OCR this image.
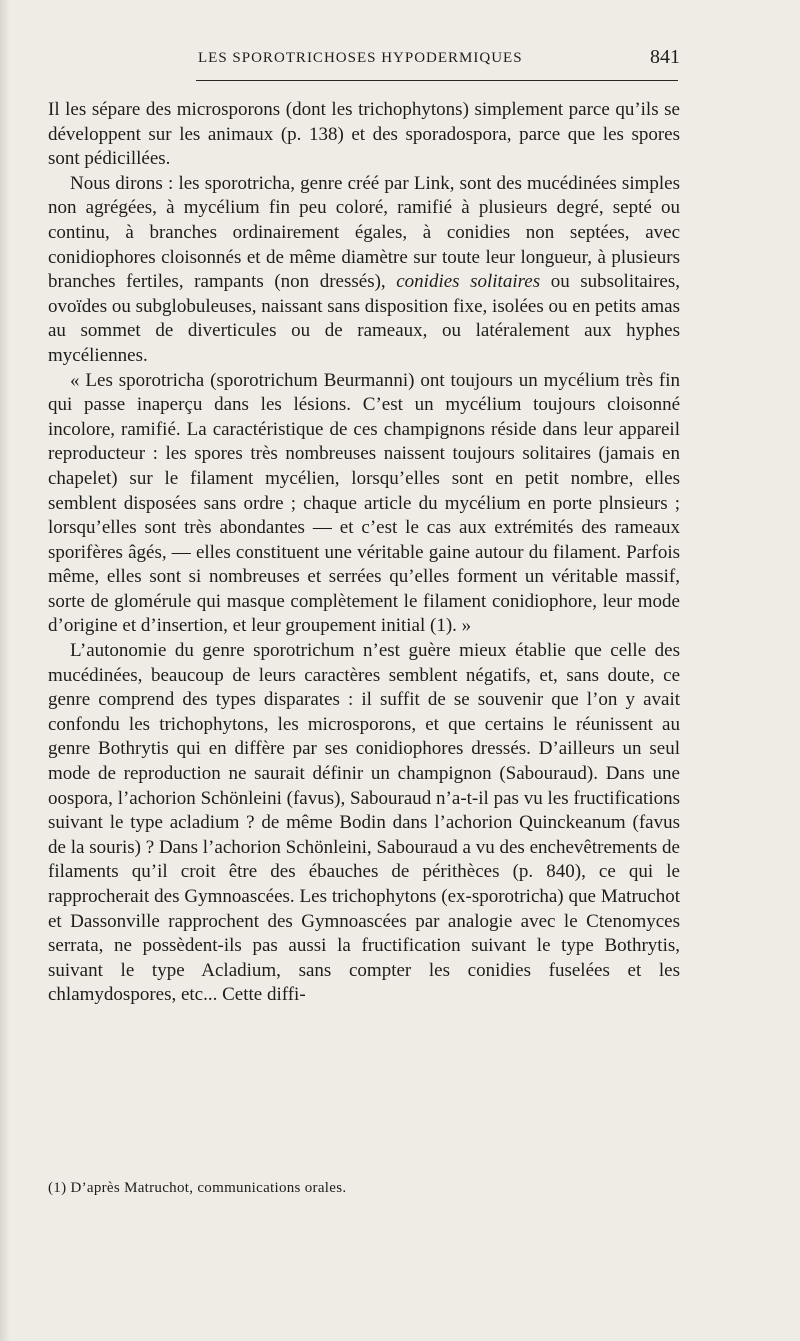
LES SPOROTRICHOSES HYPODERMIQUES	841

Il les sépare des microsporons (dont les trichophytons) simplement parce qu’ils se développent sur les animaux (p. 138) et des sporadospora, parce que les spores sont pédicillées.

Nous dirons : les sporotricha, genre créé par Link, sont des mucédinées simples non agrégées, à mycélium fin peu coloré, ramifié à plusieurs degré, septé ou continu, à branches ordinairement égales, à conidies non septées, avec conidiophores cloisonnés et de même diamètre sur toute leur longueur, à plusieurs branches fertiles, rampants (non dressés), conidies solitaires ou subsolitaires, ovoïdes ou subglobuleuses, naissant sans disposition fixe, isolées ou en petits amas au sommet de diverticules ou de rameaux, ou latéralement aux hyphes mycéliennes.

« Les sporotricha (sporotrichum Beurmanni) ont toujours un mycélium très fin qui passe inaperçu dans les lésions. C’est un mycélium toujours cloisonné incolore, ramifié. La caractéristique de ces champignons réside dans leur appareil reproducteur : les spores très nombreuses naissent toujours solitaires (jamais en chapelet) sur le filament mycélien, lorsqu’elles sont en petit nombre, elles semblent disposées sans ordre ; chaque article du mycélium en porte plnsieurs ; lorsqu’elles sont très abondantes — et c’est le cas aux extrémités des rameaux sporifères âgés, — elles constituent une véritable gaine autour du filament. Parfois même, elles sont si nombreuses et serrées qu’elles forment un véritable massif, sorte de glomérule qui masque complètement le filament conidiophore, leur mode d’origine et d’insertion, et leur groupement initial (1). »

L’autonomie du genre sporotrichum n’est guère mieux établie que celle des mucédinées, beaucoup de leurs caractères semblent négatifs, et, sans doute, ce genre comprend des types disparates : il suffit de se souvenir que l’on y avait confondu les trichophytons, les microsporons, et que certains le réunissent au genre Bothrytis qui en diffère par ses conidiophores dressés. D’ailleurs un seul mode de reproduction ne saurait définir un champignon (Sabouraud). Dans une oospora, l’achorion Schönleini (favus), Sabouraud n’a-t-il pas vu les fructifications suivant le type acladium ? de même Bodin dans l’achorion Quinckeanum (favus de la souris) ? Dans l’achorion Schönleini, Sabouraud a vu des enchevêtrements de filaments qu’il croit être des ébauches de périthèces (p. 840), ce qui le rapprocherait des Gymnoascées. Les trichophytons (ex-sporotricha) que Matruchot et Dassonville rapprochent des Gymnoascées par analogie avec le Ctenomyces serrata, ne possèdent-ils pas aussi la fructification suivant le type Bothrytis, suivant le type Acladium, sans compter les conidies fuselées et les chlamydospores, etc... Cette diffi-

(1) D’après Matruchot, communications orales.
